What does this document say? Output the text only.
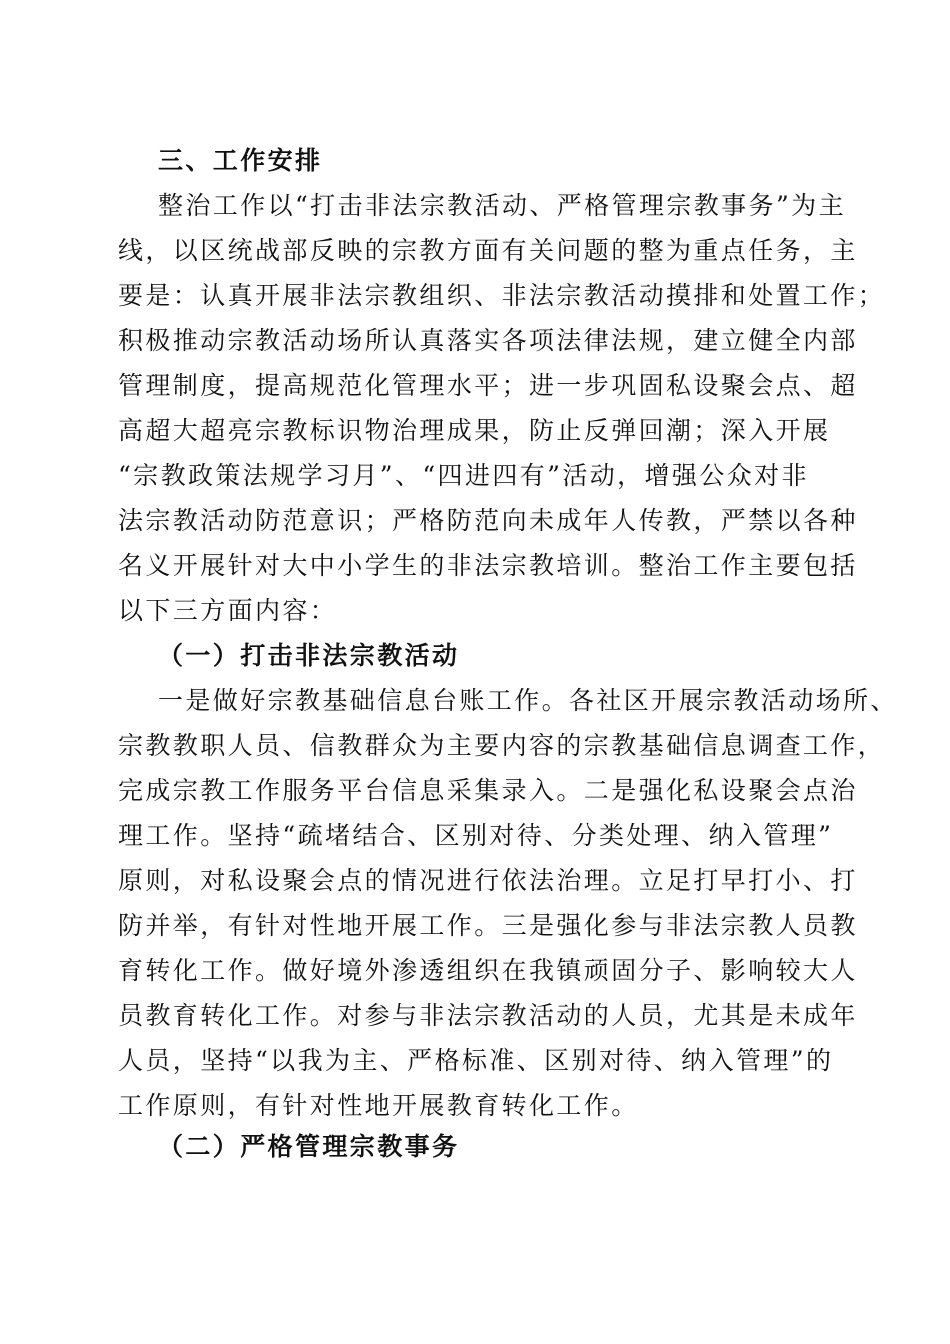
三、工作安排
整治工作以“打击非法宗教活动、严格管理宗教事务”为主
线，以区统战部反映的宗教方面有关问题的整为重点任务，主
要是：认真开展非法宗教组织、非法宗教活动摸排和处置工作；
积极推动宗教活动场所认真落实各项法律法规，建立健全内部
管理制度，提高规范化管理水平；进一步巩固私设聚会点、超
高超大超亮宗教标识物治理成果，防止反弹回潮；深入开展
“宗教政策法规学习月”、“四进四有”活动，增强公众对非
法宗教活动防范意识；严格防范向未成年人传教，严禁以各种
名义开展针对大中小学生的非法宗教培训。整治工作主要包括
以下三方面内容：
（一）打击非法宗教活动
一是做好宗教基础信息台账工作。各社区开展宗教活动场所、
宗教教职人员、信教群众为主要内容的宗教基础信息调查工作，
完成宗教工作服务平台信息采集录入。二是强化私设聚会点治
理工作。坚持“疏堵结合、区别对待、分类处理、纳入管理”
原则，对私设聚会点的情况进行依法治理。立足打早打小、打
防并举，有针对性地开展工作。三是强化参与非法宗教人员教
育转化工作。做好境外渗透组织在我镇顽固分子、影响较大人
员教育转化工作。对参与非法宗教活动的人员，尤其是未成年
人员，坚持“以我为主、严格标准、区别对待、纳入管理”的
工作原则，有针对性地开展教育转化工作。
（二）严格管理宗教事务
